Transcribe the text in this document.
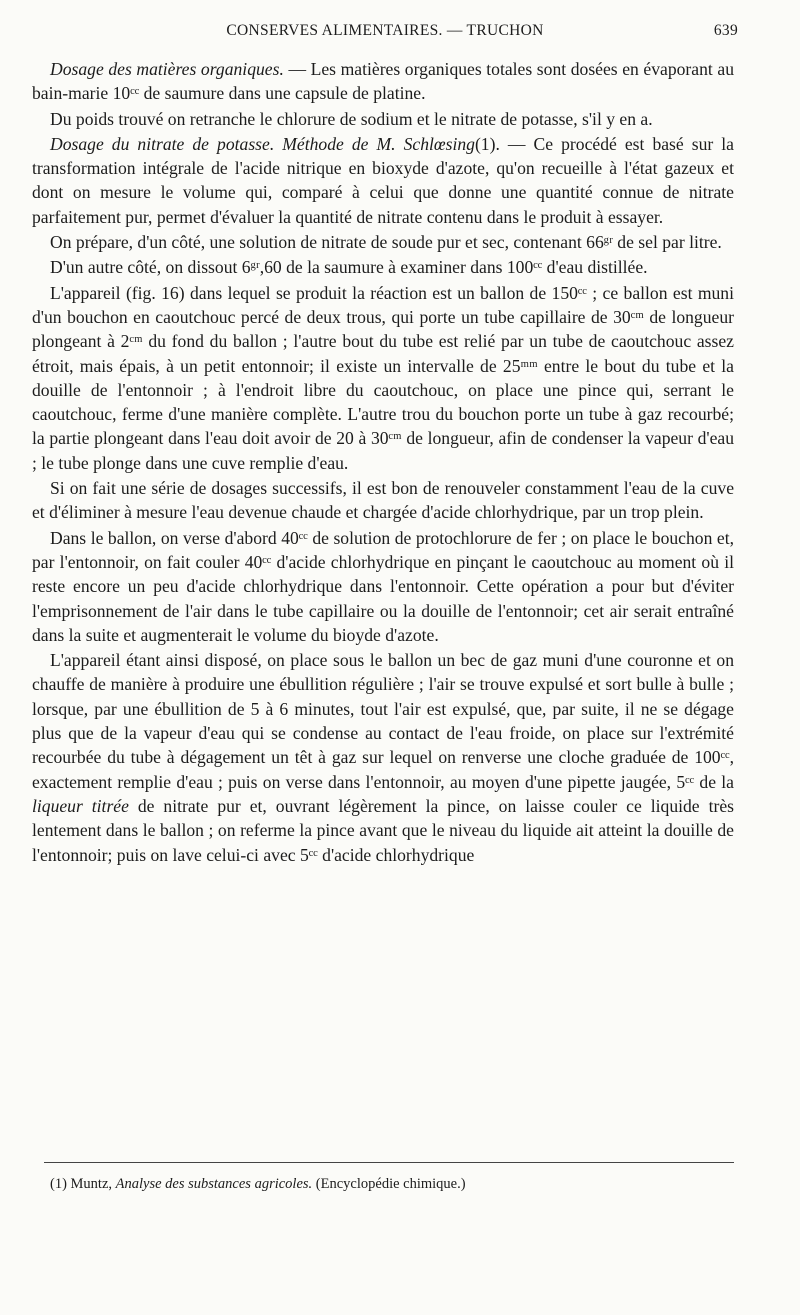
CONSERVES ALIMENTAIRES. — TRUCHON	639

Dosage des matières organiques. — Les matières organiques totales sont dosées en évaporant au bain-marie 10ᶜᶜ de saumure dans une capsule de platine.

Du poids trouvé on retranche le chlorure de sodium et le nitrate de potasse, s'il y en a.

Dosage du nitrate de potasse. Méthode de M. Schlœsing(1). — Ce procédé est basé sur la transformation intégrale de l'acide nitrique en bioxyde d'azote, qu'on recueille à l'état gazeux et dont on mesure le volume qui, comparé à celui que donne une quantité connue de nitrate parfaitement pur, permet d'évaluer la quantité de nitrate contenu dans le produit à essayer.

On prépare, d'un côté, une solution de nitrate de soude pur et sec, contenant 66ᵍʳ de sel par litre.

D'un autre côté, on dissout 6ᵍʳ,60 de la saumure à examiner dans 100ᶜᶜ d'eau distillée.

L'appareil (fig. 16) dans lequel se produit la réaction est un ballon de 150ᶜᶜ ; ce ballon est muni d'un bouchon en caoutchouc percé de deux trous, qui porte un tube capillaire de 30ᶜᵐ de longueur plongeant à 2ᶜᵐ du fond du ballon ; l'autre bout du tube est relié par un tube de caoutchouc assez étroit, mais épais, à un petit entonnoir; il existe un intervalle de 25ᵐᵐ entre le bout du tube et la douille de l'entonnoir ; à l'endroit libre du caoutchouc, on place une pince qui, serrant le caoutchouc, ferme d'une manière complète. L'autre trou du bouchon porte un tube à gaz recourbé; la partie plongeant dans l'eau doit avoir de 20 à 30ᶜᵐ de longueur, afin de condenser la vapeur d'eau ; le tube plonge dans une cuve remplie d'eau.

Si on fait une série de dosages successifs, il est bon de renouveler constamment l'eau de la cuve et d'éliminer à mesure l'eau devenue chaude et chargée d'acide chlorhydrique, par un trop plein.

Dans le ballon, on verse d'abord 40ᶜᶜ de solution de protochlorure de fer ; on place le bouchon et, par l'entonnoir, on fait couler 40ᶜᶜ d'acide chlorhydrique en pinçant le caoutchouc au moment où il reste encore un peu d'acide chlorhydrique dans l'entonnoir. Cette opération a pour but d'éviter l'emprisonnement de l'air dans le tube capillaire ou la douille de l'entonnoir; cet air serait entraîné dans la suite et augmenterait le volume du bioyde d'azote.

L'appareil étant ainsi disposé, on place sous le ballon un bec de gaz muni d'une couronne et on chauffe de manière à produire une ébullition régulière ; l'air se trouve expulsé et sort bulle à bulle ; lorsque, par une ébullition de 5 à 6 minutes, tout l'air est expulsé, que, par suite, il ne se dégage plus que de la vapeur d'eau qui se condense au contact de l'eau froide, on place sur l'extrémité recourbée du tube à dégagement un têt à gaz sur lequel on renverse une cloche graduée de 100ᶜᶜ, exactement remplie d'eau ; puis on verse dans l'entonnoir, au moyen d'une pipette jaugée, 5ᶜᶜ de la liqueur titrée de nitrate pur et, ouvrant légèrement la pince, on laisse couler ce liquide très lentement dans le ballon ; on referme la pince avant que le niveau du liquide ait atteint la douille de l'entonnoir; puis on lave celui-ci avec 5ᶜᶜ d'acide chlorhydrique

(1) Muntz, Analyse des substances agricoles. (Encyclopédie chimique.)
